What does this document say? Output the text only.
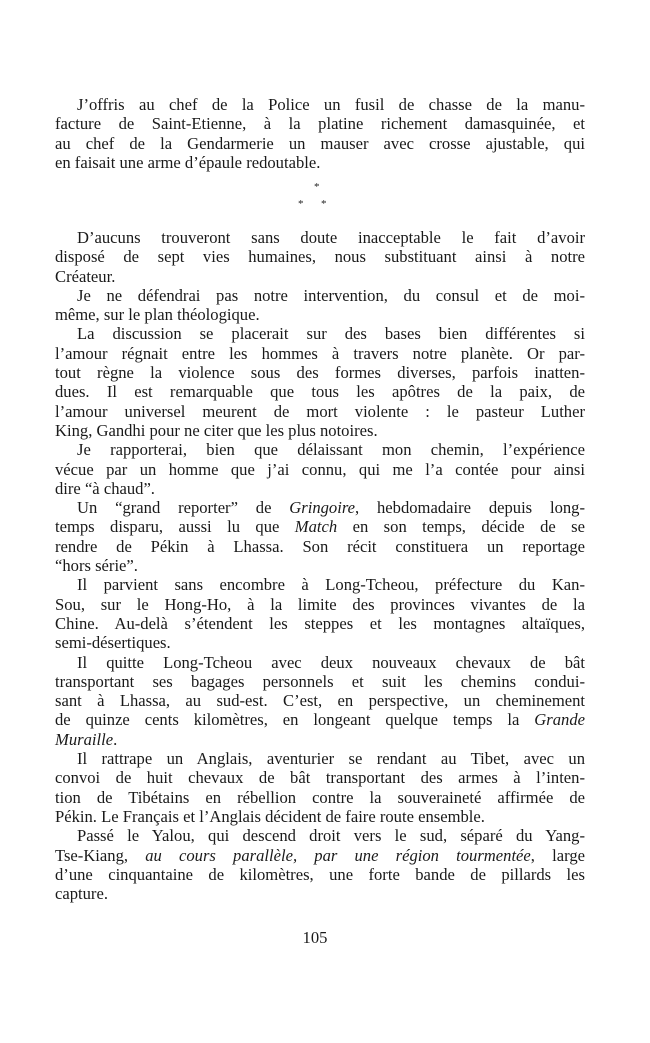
J’offris au chef de la Police un fusil de chasse de la manu-
facture de Saint-Etienne, à la platine richement damasquinée, et
au chef de la Gendarmerie un mauser avec crosse ajustable, qui
en faisait une arme d’épaule redoutable.
*
* *
D’aucuns trouveront sans doute inacceptable le fait d’avoir
disposé de sept vies humaines, nous substituant ainsi à notre
Créateur.
Je ne défendrai pas notre intervention, du consul et de moi-
même, sur le plan théologique.
La discussion se placerait sur des bases bien différentes si
l’amour régnait entre les hommes à travers notre planète. Or par-
tout règne la violence sous des formes diverses, parfois inatten-
dues. Il est remarquable que tous les apôtres de la paix, de
l’amour universel meurent de mort violente : le pasteur Luther
King, Gandhi pour ne citer que les plus notoires.
Je rapporterai, bien que délaissant mon chemin, l’expérience
vécue par un homme que j’ai connu, qui me l’a contée pour ainsi
dire “à chaud”.
Un “grand reporter” de Gringoire, hebdomadaire depuis long-
temps disparu, aussi lu que Match en son temps, décide de se
rendre de Pékin à Lhassa. Son récit constituera un reportage
“hors série”.
Il parvient sans encombre à Long-Tcheou, préfecture du Kan-
Sou, sur le Hong-Ho, à la limite des provinces vivantes de la
Chine. Au-delà s’étendent les steppes et les montagnes altaïques,
semi-désertiques.
Il quitte Long-Tcheou avec deux nouveaux chevaux de bât
transportant ses bagages personnels et suit les chemins condui-
sant à Lhassa, au sud-est. C’est, en perspective, un cheminement
de quinze cents kilomètres, en longeant quelque temps la Grande
Muraille.
Il rattrape un Anglais, aventurier se rendant au Tibet, avec un
convoi de huit chevaux de bât transportant des armes à l’inten-
tion de Tibétains en rébellion contre la souveraineté affirmée de
Pékin. Le Français et l’Anglais décident de faire route ensemble.
Passé le Yalou, qui descend droit vers le sud, séparé du Yang-
Tse-Kiang, au cours parallèle, par une région tourmentée, large
d’une cinquantaine de kilomètres, une forte bande de pillards les
capture.
105
